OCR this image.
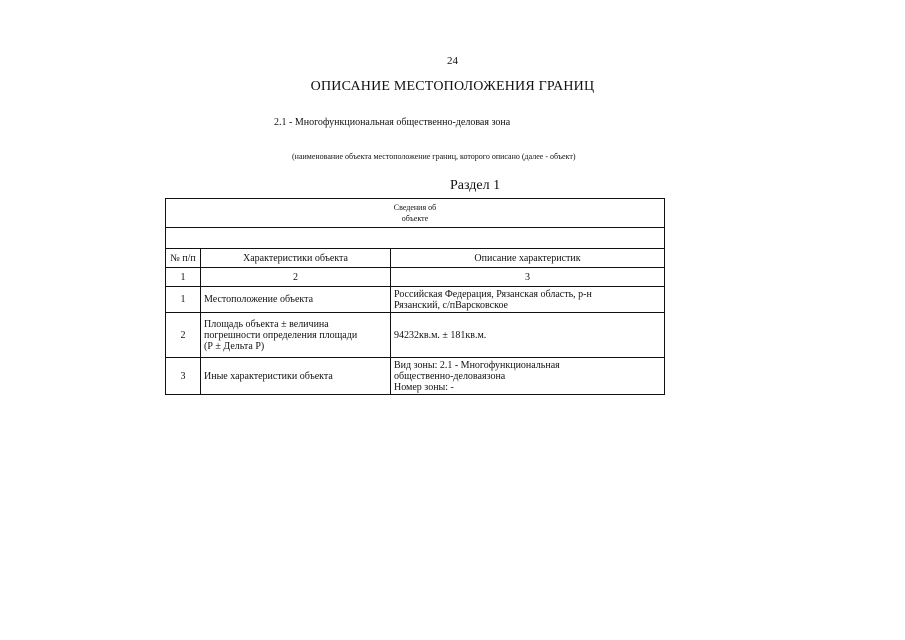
24
ОПИСАНИЕ МЕСТОПОЛОЖЕНИЯ ГРАНИЦ
2.1 - Многофункциональная общественно-деловая зона
(наименование объекта местоположение границ, которого описано (далее - объект)
Раздел 1
Сведения об
объекте		

№ п/п	Характеристики объекта	Описание характеристик
1	2	3
1	Местоположение объекта	Российская Федерация, Рязанская область, р-н
Рязанский, с/пВарсковское
2	Площадь объекта ± величина
погрешности определения площади
(Р ± Дельта Р)	94232кв.м. ± 181кв.м.
3	Иные характеристики объекта	Вид зоны: 2.1 - Многофункциональная
общественно-деловаязона
Номер зоны: -
